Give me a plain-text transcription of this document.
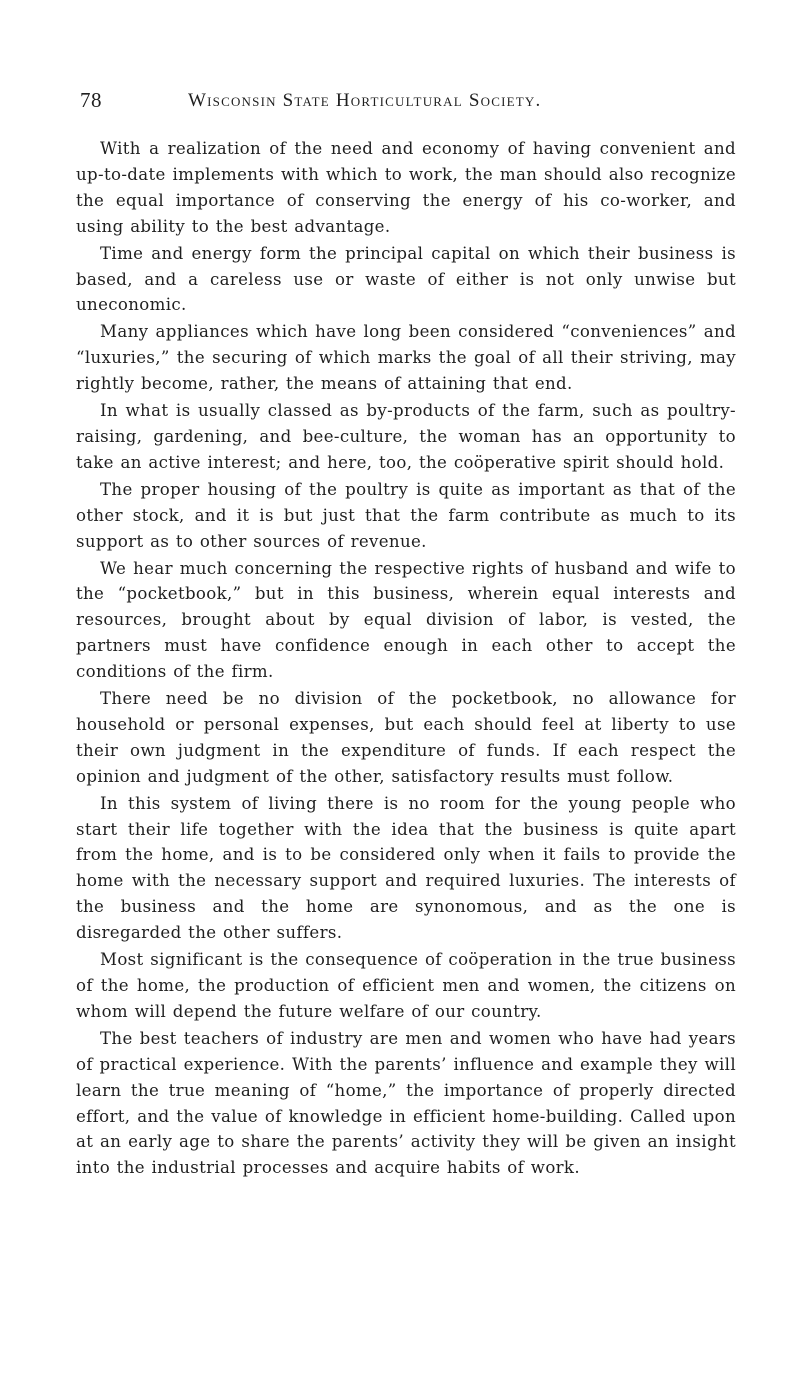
78	Wisconsin State Horticultural Society.

With a realization of the need and economy of having convenient and up-to-date implements with which to work, the man should also recognize the equal importance of conserving the energy of his co-worker, and using ability to the best advantage.

Time and energy form the principal capital on which their business is based, and a careless use or waste of either is not only unwise but uneconomic.

Many appliances which have long been considered “conveniences” and “luxuries,” the securing of which marks the goal of all their striving, may rightly become, rather, the means of attaining that end.

In what is usually classed as by-products of the farm, such as poultry-raising, gardening, and bee-culture, the woman has an opportunity to take an active interest; and here, too, the coöperative spirit should hold.

The proper housing of the poultry is quite as important as that of the other stock, and it is but just that the farm contribute as much to its support as to other sources of revenue.

We hear much concerning the respective rights of husband and wife to the “pocketbook,” but in this business, wherein equal interests and resources, brought about by equal division of labor, is vested, the partners must have confidence enough in each other to accept the conditions of the firm.

There need be no division of the pocketbook, no allowance for household or personal expenses, but each should feel at liberty to use their own judgment in the expenditure of funds. If each respect the opinion and judgment of the other, satisfactory results must follow.

In this system of living there is no room for the young people who start their life together with the idea that the business is quite apart from the home, and is to be considered only when it fails to provide the home with the necessary support and required luxuries. The interests of the business and the home are synonomous, and as the one is disregarded the other suffers.

Most significant is the consequence of coöperation in the true business of the home, the production of efficient men and women, the citizens on whom will depend the future welfare of our country.

The best teachers of industry are men and women who have had years of practical experience. With the parents’ influence and example they will learn the true meaning of “home,” the importance of properly directed effort, and the value of knowledge in efficient home-building. Called upon at an early age to share the parents’ activity they will be given an insight into the industrial processes and acquire habits of work.
